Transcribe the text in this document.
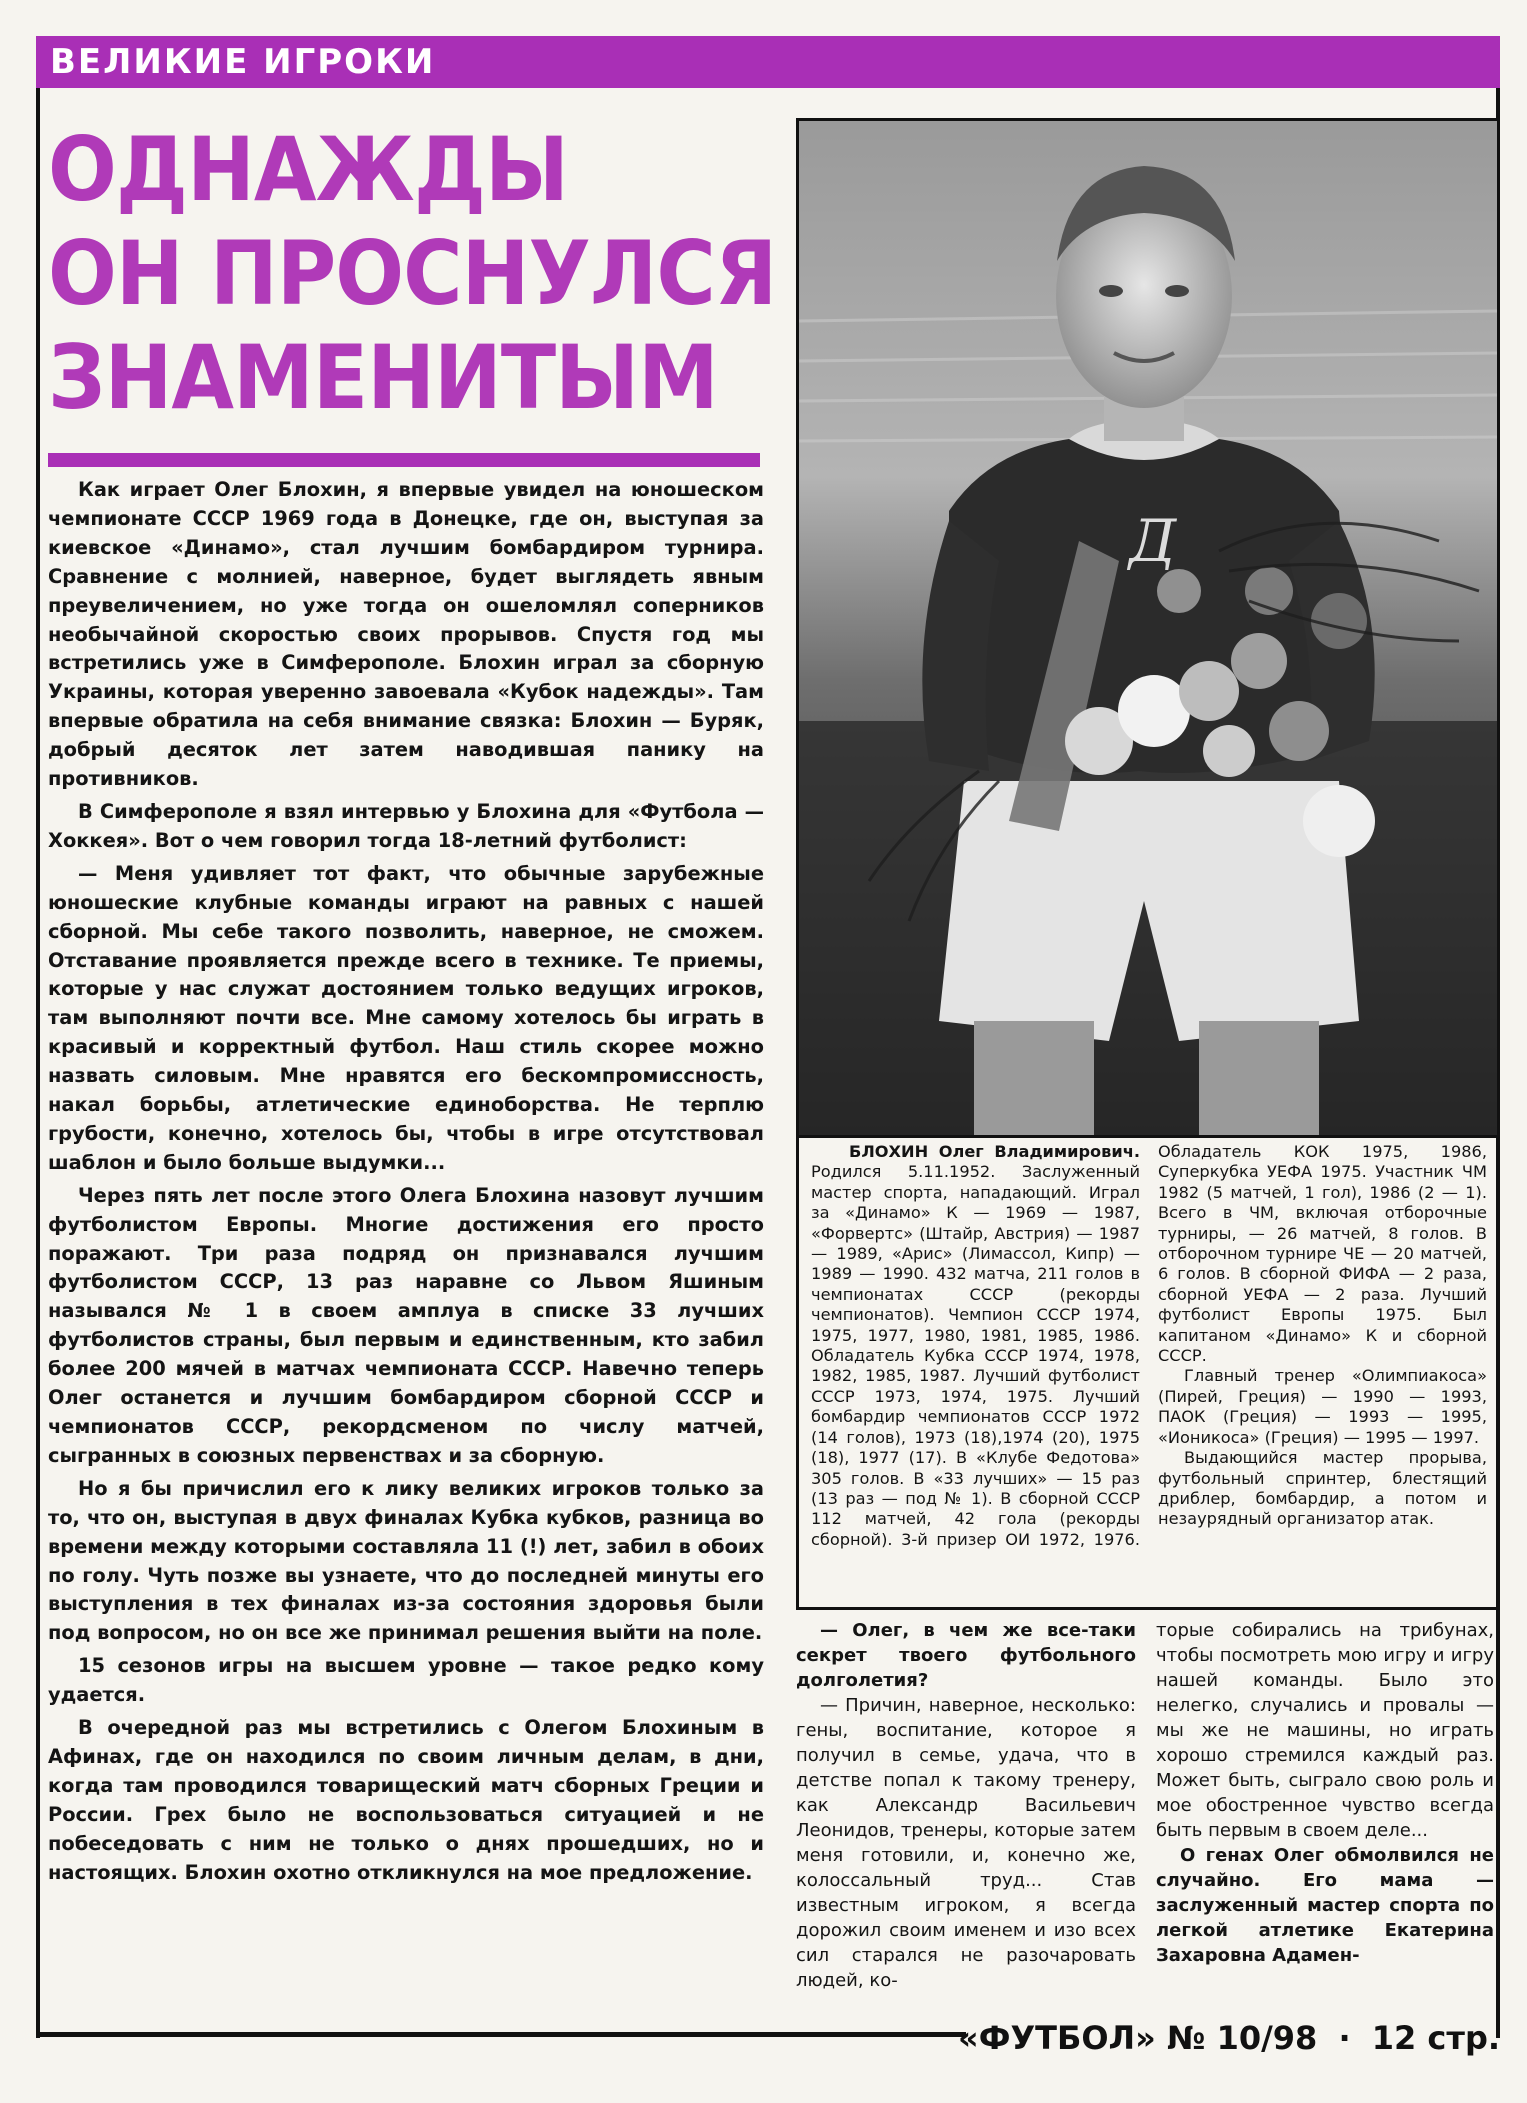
ВЕЛИКИЕ ИГРОКИ
ОДНАЖДЫ
ОН ПРОСНУЛСЯ
ЗНАМЕНИТЫМ

Как играет Олег Блохин, я впервые увидел на юношеском чемпионате СССР 1969 года в Донецке, где он, выступая за киевское «Динамо», стал лучшим бомбардиром турнира. Сравнение с молнией, наверное, будет выглядеть явным преувеличением, но уже тогда он ошеломлял соперников необычайной скоростью своих прорывов. Спустя год мы встретились уже в Симферополе. Блохин играл за сборную Украины, которая уверенно завоевала «Кубок надежды». Там впервые обратила на себя внимание связка: Блохин — Буряк, добрый десяток лет затем наводившая панику на противников.

В Симферополе я взял интервью у Блохина для «Футбола — Хоккея». Вот о чем говорил тогда 18-летний футболист:

— Меня удивляет тот факт, что обычные зарубежные юношеские клубные команды играют на равных с нашей сборной. Мы себе такого позволить, наверное, не сможем. Отставание проявляется прежде всего в технике. Те приемы, которые у нас служат достоянием только ведущих игроков, там выполняют почти все. Мне самому хотелось бы играть в красивый и корректный футбол. Наш стиль скорее можно назвать силовым. Мне нравятся его бескомпромиссность, накал борьбы, атлетические единоборства. Не терплю грубости, конечно, хотелось бы, чтобы в игре отсутствовал шаблон и было больше выдумки...

Через пять лет после этого Олега Блохина назовут лучшим футболистом Европы. Многие достижения его просто поражают. Три раза подряд он признавался лучшим футболистом СССР, 13 раз наравне со Львом Яшиным называлcя № 1 в своем амплуа в списке 33 лучших футболистов страны, был первым и единственным, кто забил более 200 мячей в матчах чемпионата СССР. Навечно теперь Олег останется и лучшим бомбардиром сборной СССР и чемпионатов СССР, рекордсменом по числу матчей, сыгранных в союзных первенствах и за сборную.

Но я бы причислил его к лику великих игроков только за то, что он, выступая в двух финалах Кубка кубков, разница во времени между которыми составляла 11 (!) лет, забил в обоих по голу. Чуть позже вы узнаете, что до последней минуты его выступления в тех финалах из-за состояния здоровья были под вопросом, но он все же принимал решения выйти на поле.

15 сезонов игры на высшем уровне — такое редко кому удается.

В очередной раз мы встретились с Олегом Блохиным в Афинах, где он находился по своим личным делам, в дни, когда там проводился товарищеский матч сборных Греции и России. Грех было не воспользоваться ситуацией и не побеседовать с ним не только о днях прошедших, но и настоящих. Блохин охотно откликнулся на мое предложение.

Д

БЛОХИН Олег Владимирович. Родился 5.11.1952. Заслуженный мастер спорта, нападающий. Играл за «Динамо» К — 1969 — 1987, «Форвертс» (Штайр, Австрия) — 1987 — 1989, «Арис» (Лимассол, Кипр) — 1989 — 1990. 432 матча, 211 голов в чемпионатах СССР (рекорды чемпионатов). Чемпион СССР 1974, 1975, 1977, 1980, 1981, 1985, 1986. Обладатель Кубка СССР 1974, 1978, 1982, 1985, 1987. Лучший футболист СССР 1973, 1974, 1975. Лучший бомбардир чемпионатов СССР 1972 (14 голов), 1973 (18),1974 (20), 1975 (18), 1977 (17). В «Клубе Федотова» 305 голов. В «33 лучших» — 15 раз (13 раз — под № 1). В сборной СССР 112 матчей, 42 гола (рекорды сборной). 3-й призер ОИ 1972, 1976. Обладатель КОК 1975, 1986, Суперкубка УЕФА 1975. Участник ЧМ 1982 (5 матчей, 1 гол), 1986 (2 — 1). Всего в ЧМ, включая отборочные турниры, — 26 матчей, 8 голов. В отборочном турнире ЧЕ — 20 матчей, 6 голов. В сборной ФИФА — 2 раза, сборной УЕФА — 2 раза. Лучший футболист Европы 1975. Был капитаном «Динамо» К и сборной СССР.

Главный тренер «Олимпиакоса» (Пирей, Греция) — 1990 — 1993, ПАОК (Греция) — 1993 — 1995, «Ионикоса» (Греция) — 1995 — 1997.

Выдающийся мастер прорыва, футбольный спринтер, блестящий дриблер, бомбардир, а потом и незаурядный организатор атак.

— Олег, в чем же все-таки секрет твоего футбольного долголетия?

— Причин, наверное, несколько: гены, воспитание, которое я получил в семье, удача, что в детстве попал к такому тренеру, как Александр Васильевич Леонидов, тренеры, которые затем меня готовили, и, конечно же, колоссальный труд... Став известным игроком, я всегда дорожил своим именем и изо всех сил старался не разочаровать людей, ко-

торые собирались на трибунах, чтобы посмотреть мою игру и игру нашей команды. Было это нелегко, случались и провалы — мы же не машины, но играть хорошо стремился каждый раз. Может быть, сыграло свою роль и мое обостренное чувство всегда быть первым в своем деле...

О генах Олег обмолвился не случайно. Его мама — заслуженный мастер спорта по легкой атлетике Екатерина Захаровна Адамен-

«ФУТБОЛ» № 10/98 · 12 стр.
